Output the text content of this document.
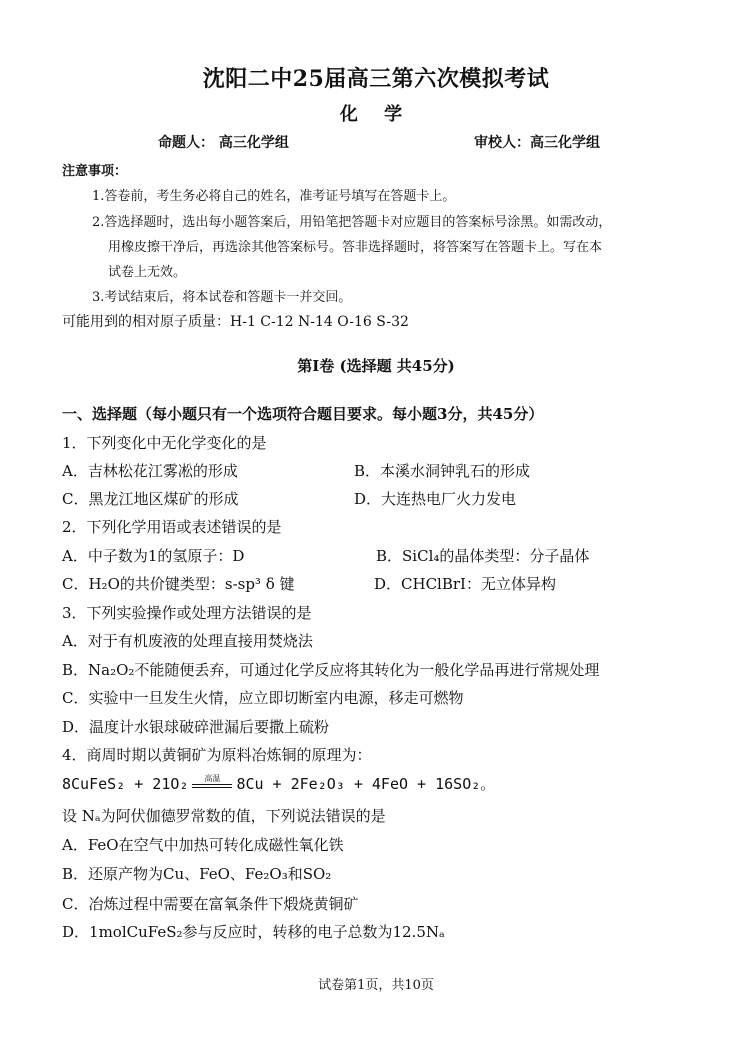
沈阳二中25届高三第六次模拟考试
化 学
命题人： 高三化学组	审校人：高三化学组
注意事项：
1.答卷前，考生务必将自己的姓名，准考证号填写在答题卡上。
2.答选择题时，选出每小题答案后，用铅笔把答题卡对应题目的答案标号涂黑。如需改动，
用橡皮擦干净后，再选涂其他答案标号。答非选择题时，将答案写在答题卡上。写在本
试卷上无效。
3.考试结束后，将本试卷和答题卡一并交回。
可能用到的相对原子质量：H-1 C-12 N-14 O-16 S-32
第Ⅰ卷 (选择题 共45分)
一、选择题（每小题只有一个选项符合题目要求。每小题3分，共45分）
1．下列变化中无化学变化的是
A．吉林松花江雾凇的形成	B．本溪水洞钟乳石的形成
C．黑龙江地区煤矿的形成	D．大连热电厂火力发电
2．下列化学用语或表述错误的是
A．中子数为1的氢原子：D	B．SiCl₄的晶体类型：分子晶体
C．H₂O的共价键类型：s-sp³ δ 键	D．CHClBrI：无立体异构
3．下列实验操作或处理方法错误的是
A．对于有机废液的处理直接用焚烧法
B．Na₂O₂不能随便丢弃，可通过化学反应将其转化为一般化学品再进行常规处理
C．实验中一旦发生火情，应立即切断室内电源，移走可燃物
D．温度计水银球破碎泄漏后要撒上硫粉
4．商周时期以黄铜矿为原料冶炼铜的原理为：
8CuFeS₂ + 21O₂	高温	8Cu + 2Fe₂O₃ + 4FeO + 16SO₂。
设 Nₐ为阿伏伽德罗常数的值，下列说法错误的是
A．FeO在空气中加热可转化成磁性氧化铁
B．还原产物为Cu、FeO、Fe₂O₃和SO₂
C．冶炼过程中需要在富氧条件下煅烧黄铜矿
D．1molCuFeS₂参与反应时，转移的电子总数为12.5Nₐ
试卷第1页，共10页
